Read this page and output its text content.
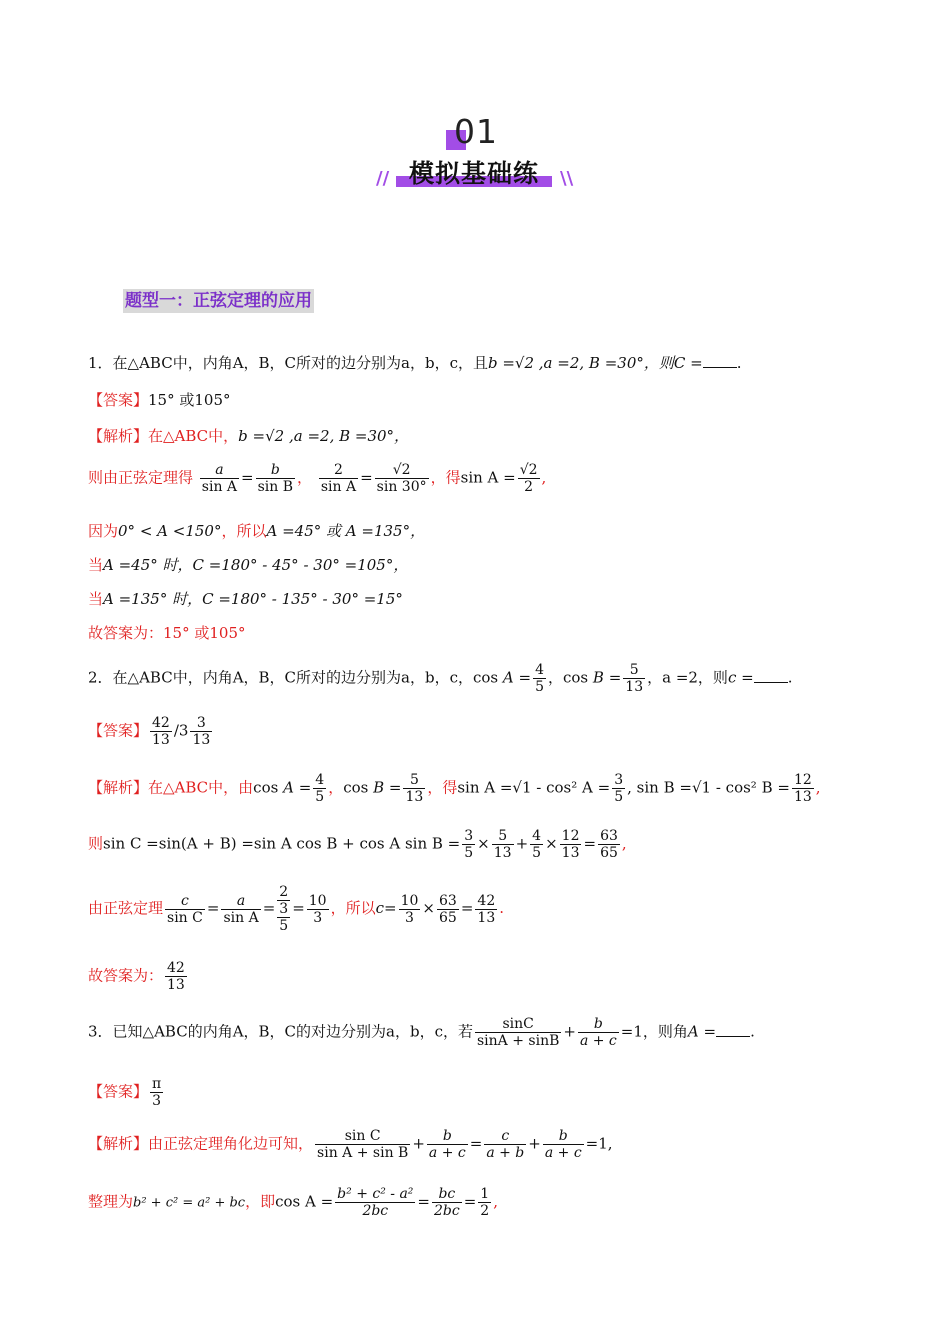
01
模拟基础练
//	\\
题型一：正弦定理的应用
1．在△ABC中，内角A，B，C所对的边分别为a，b，c，且b =√2 ,a =2, B =30°，则C = .
【答案】15° 或105°
【解析】在△ABC中，b =√2 ,a =2, B =30°，
则由正弦定理得 $\frac{a}{\text{sin A}} = \frac{b}{\text{sin B}}$ ， $\frac{2}{\text{sin A}} = \frac{√2}{\sin 30^\circ}$ ，得$\sin A = \frac{√2}{2}$ ,
因为0° < A <150°，所以A =45° 或 A =135°，
当A =45° 时，C =180° - 45° - 30° =105°，
当A =135° 时，C =180° - 135° - 30° =15°
故答案为：15° 或105°
2．在△ABC中，内角A，B，C所对的边分别为a，b，c，$\cos A = \frac{4}{5}$ ，$\cos B = \frac{5}{13}$ ，a =2，则c = .
【答案】 $\frac{42}{13} /3 \frac{3}{13}$
【解析】在△ABC中，由$\cos A = \frac{4}{5}$ ，$\cos B = \frac{5}{13}$ ，得sin A =√1 - cos² $A = \frac{3}{5}$ , sin B =√1 - cos² $B = \frac{12}{13}$ ,
则sin C =sin(A + B) =sin A cos B + cos A $\sin B = \frac{3}{5} \times \frac{5}{13} + \frac{4}{5} \times \frac{12}{13} = \frac{63}{65}$ ,
由正弦定理 $\frac{c}{\text{sin C}} = \frac{a}{\text{sin A}}$ =
2
3
5
= $\frac{10}{3}$ ，所以$c= \frac{10}{3} \times \frac{63}{65} = \frac{42}{13}$ .
故答案为： $\frac{42}{13}$
3．已知△ABC的内角A，B，C的对边分别为a，b，c，若 $\frac{\sin C}{\sin A + \sin B} + \frac{b}{a + c} =1$，则角A = .
【答案】 $\frac{\pi}{3}$
【解析】由正弦定理角化边可知， $\frac{\text{sin C}}{\text{sin A + sin B}} + \frac{b}{a + c} = \frac{c}{a + b} + \frac{b}{a + c} =1$,
整理为b² + c² = a² + bc，即$\cos A = \frac{\text{b² + c² - a²}}{2bc} = \frac{bc}{2bc} = \frac{1}{2}$ ,
